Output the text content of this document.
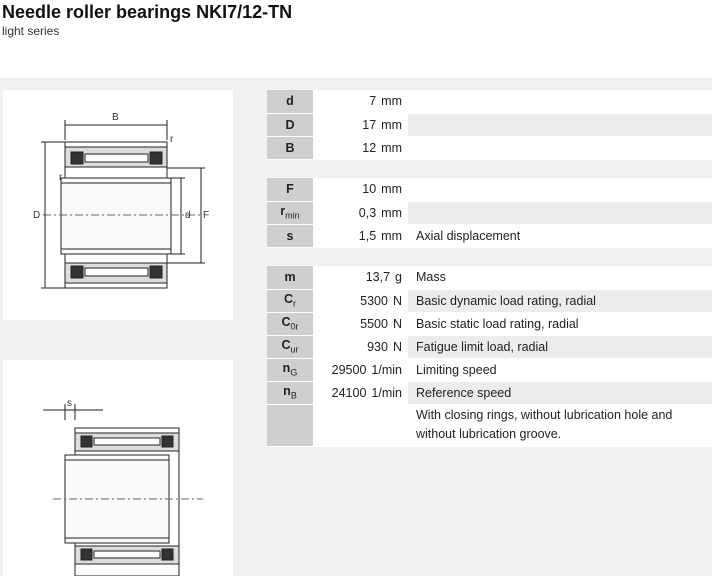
Needle roller bearings NKI7/12-TN
light series
B
r
r
D	d F
s
d	7 mm	
D	17 mm	
B	12 mm	

F	10 mm	
$r_{min}$	0,3 mm	
s	1,5 mm	Axial displacement

m	13,7 g	Mass
$C_r$	5300 N	Basic dynamic load rating, radial
$C_{0r}$	5500 N	Basic static load rating, radial
$C_{ur}$	930 N	Fatigue limit load, radial
$n_G$	29500 1/min	Limiting speed
$n_B$	24100 1/min	Reference speed
		With closing rings, without lubrication hole and without lubrication groove.
